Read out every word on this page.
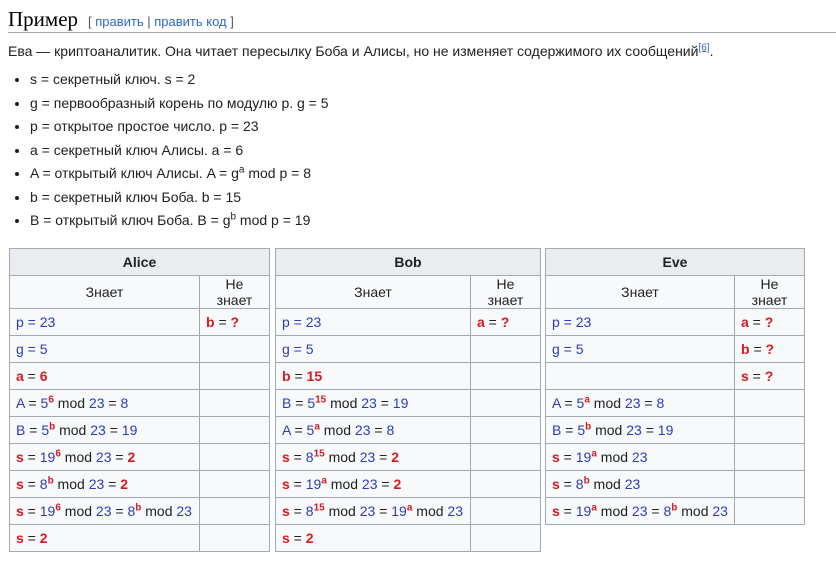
Пример [ править | править код ]

Ева — криптоаналитик. Она читает пересылку Боба и Алисы, но не изменяет содержимого их сообщений[6].

• s = секретный ключ. s = 2
• g = первообразный корень по модулю p. g = 5
• p = открытое простое число. p = 23
• a = секретный ключ Алисы. a = 6
• A = открытый ключ Алисы. $A = g^a$ mod p = 8
• b = секретный ключ Боба. b = 15
• B = открытый ключ Боба. $B = g^b$ mod p = 19
Alice	
Знает	Не знает
p = 23	b = ?
g = 5	
a = 6	
$A = 5^6$ mod 23 = 8	
$B = 5^b$ mod 23 = 19	
$s = 19^6$ mod 23 = 2	
$s = 8^b$ mod 23 = 2	
$s = 19^6$ mod $23 = 8^b$ mod 23	
s = 2	
Bob	
Знает	Не знает
p = 23	a = ?
g = 5	
b = 15	
$B = 5^{15}$ mod 23 = 19	
$A = 5^a$ mod 23 = 8	
$s = 8^{15}$ mod 23 = 2	
$s = 19^a$ mod 23 = 2	
$s = 8^{15}$ mod $23 = 19^a$ mod 23	
s = 2	
Eve	
Знает	Не знает
p = 23	a = ?
g = 5	b = ?
	s = ?
$A = 5^a$ mod 23 = 8	
$B = 5^b$ mod 23 = 19	
$s = 19^a$ mod 23	
$s = 8^b$ mod 23	
$s = 19^a$ mod $23 = 8^b$ mod 23	
